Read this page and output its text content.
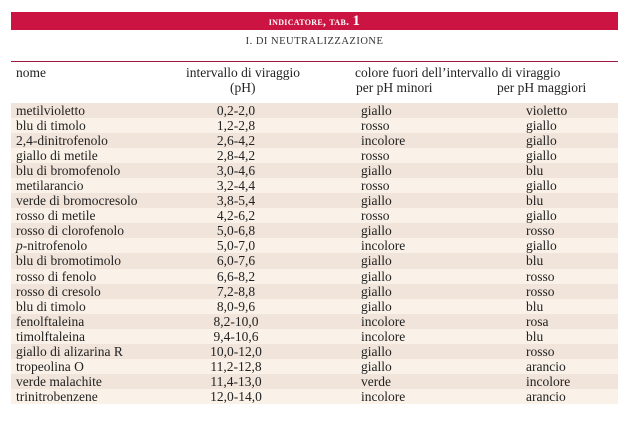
indicatore, tab. 1
I. DI NEUTRALIZZAZIONE
nome	intervallo di viraggio
(pH)
colore fuori dell’intervallo di viraggio
per pH minori	per pH maggiori
metilvioletto	0,2-2,0	giallo	violetto
blu di timolo	1,2-2,8	rosso	giallo
2,4-dinitrofenolo	2,6-4,2	incolore	giallo
giallo di metile	2,8-4,2	rosso	giallo
blu di bromofenolo	3,0-4,6	giallo	blu
metilarancio	3,2-4,4	rosso	giallo
verde di bromocresolo	3,8-5,4	giallo	blu
rosso di metile	4,2-6,2	rosso	giallo
rosso di clorofenolo	5,0-6,8	giallo	rosso
p-nitrofenolo	5,0-7,0	incolore	giallo
blu di bromotimolo	6,0-7,6	giallo	blu
rosso di fenolo	6,6-8,2	giallo	rosso
rosso di cresolo	7,2-8,8	giallo	rosso
blu di timolo	8,0-9,6	giallo	blu
fenolftaleina	8,2-10,0	incolore	rosa
timolftaleina	9,4-10,6	incolore	blu
giallo di alizarina R	10,0-12,0	giallo	rosso
tropeolina O	11,2-12,8	giallo	arancio
verde malachite	11,4-13,0	verde	incolore
trinitrobenzene	12,0-14,0	incolore	arancio
